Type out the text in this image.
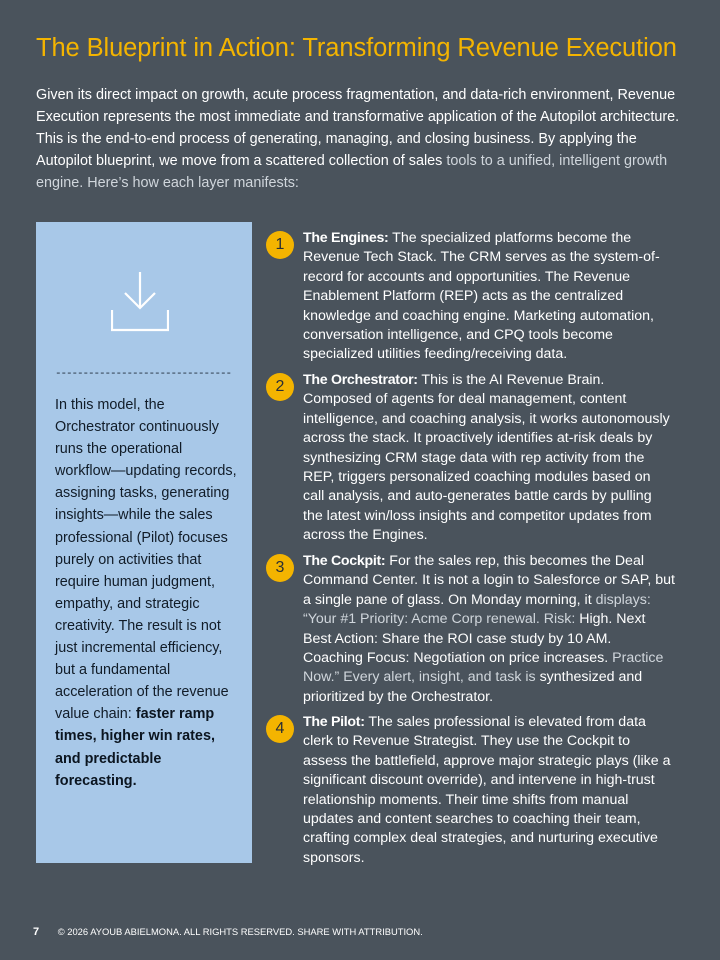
The Blueprint in Action: Transforming Revenue Execution

Given its direct impact on growth, acute process fragmentation, and data-rich environment, Revenue Execution represents the most immediate and transformative application of the Autopilot architecture. This is the end-to-end process of generating, managing, and closing business. By applying the Autopilot blueprint, we move from a scattered collection of sales tools to a unified, intelligent growth engine. Here’s how each layer manifests:

--------------------------------

In this model, the Orchestrator continuously runs the operational workflow—updating records, assigning tasks, generating insights—while the sales professional (Pilot) focuses purely on activities that require human judgment, empathy, and strategic creativity. The result is not just incremental efficiency, but a fundamental acceleration of the revenue value chain: faster ramp times, higher win rates, and predictable forecasting.

1	The Engines: The specialized platforms become the Revenue Tech Stack. The CRM serves as the system-of-record for accounts and opportunities. The Revenue Enablement Platform (REP) acts as the centralized knowledge and coaching engine. Marketing automation, conversation intelligence, and CPQ tools become specialized utilities feeding/receiving data.

2	The Orchestrator: This is the AI Revenue Brain. Composed of agents for deal management, content intelligence, and coaching analysis, it works autonomously across the stack. It proactively identifies at-risk deals by synthesizing CRM stage data with rep activity from the REP, triggers personalized coaching modules based on call analysis, and auto-generates battle cards by pulling the latest win/loss insights and competitor updates from across the Engines.

3	The Cockpit: For the sales rep, this becomes the Deal Command Center. It is not a login to Salesforce or SAP, but a single pane of glass. On Monday morning, it displays: “Your #1 Priority: Acme Corp renewal. Risk: High. Next Best Action: Share the ROI case study by 10 AM. Coaching Focus: Negotiation on price increases. Practice Now.” Every alert, insight, and task is synthesized and prioritized by the Orchestrator.

4	The Pilot: The sales professional is elevated from data clerk to Revenue Strategist. They use the Cockpit to assess the battlefield, approve major strategic plays (like a significant discount override), and intervene in high-trust relationship moments. Their time shifts from manual updates and content searches to coaching their team, crafting complex deal strategies, and nurturing executive sponsors.

7 © 2026 AYOUB ABIELMONA. ALL RIGHTS RESERVED. SHARE WITH ATTRIBUTION.
